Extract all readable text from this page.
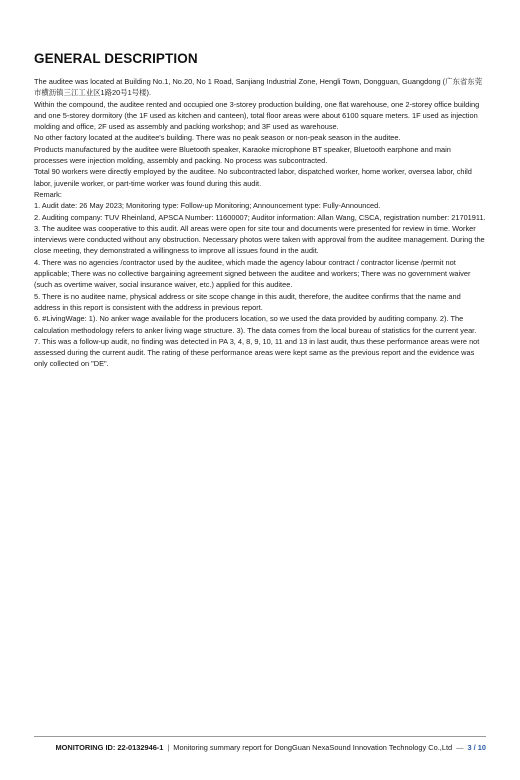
GENERAL DESCRIPTION

The auditee was located at Building No.1, No.20, No 1 Road, Sanjiang Industrial Zone, Hengli Town, Dongguan, Guangdong (广东省东莞市横沥镇三江工业区1路20号1号楼).

Within the compound, the auditee rented and occupied one 3-storey production building, one flat warehouse, one 2-storey office building and one 5-storey dormitory (the 1F used as kitchen and canteen), total floor areas were about 6100 square meters. 1F used as injection molding and office, 2F used as assembly and packing workshop; and 3F used as warehouse.

No other factory located at the auditee's building. There was no peak season or non-peak season in the auditee.

Products manufactured by the auditee were Bluetooth speaker, Karaoke microphone BT speaker, Bluetooth earphone and main processes were injection molding, assembly and packing. No process was subcontracted.

Total 90 workers were directly employed by the auditee. No subcontracted labor, dispatched worker, home worker, oversea labor, child labor, juvenile worker, or part-time worker was found during this audit.

Remark:

1. Audit date: 26 May 2023; Monitoring type: Follow-up Monitoring; Announcement type: Fully-Announced.

2. Auditing company: TUV Rheinland, APSCA Number: 11600007; Auditor information: Allan Wang, CSCA, registration number: 21701911.

3. The auditee was cooperative to this audit. All areas were open for site tour and documents were presented for review in time. Worker interviews were conducted without any obstruction. Necessary photos were taken with approval from the auditee management. During the close meeting, they demonstrated a willingness to improve all issues found in the audit.

4. There was no agencies /contractor used by the auditee, which made the agency labour contract / contractor license /permit not applicable; There was no collective bargaining agreement signed between the auditee and workers; There was no government waiver (such as overtime waiver, social insurance waiver, etc.) applied for this auditee.

5. There is no auditee name, physical address or site scope change in this audit, therefore, the auditee confirms that the name and address in this report is consistent with the address in previous report.

6. #LivingWage: 1). No anker wage available for the producers location, so we used the data provided by auditing company. 2). The calculation methodology refers to anker living wage structure. 3). The data comes from the local bureau of statistics for the current year.

7. This was a follow-up audit, no finding was detected in PA 3, 4, 8, 9, 10, 11 and 13 in last audit, thus these performance areas were not assessed during the current audit. The rating of these performance areas were kept same as the previous report and the evidence was only collected on "DE".

MONITORING ID: 22-0132946-1 | Monitoring summary report for DongGuan NexaSound Innovation Technology Co.,Ltd — 3 / 10
